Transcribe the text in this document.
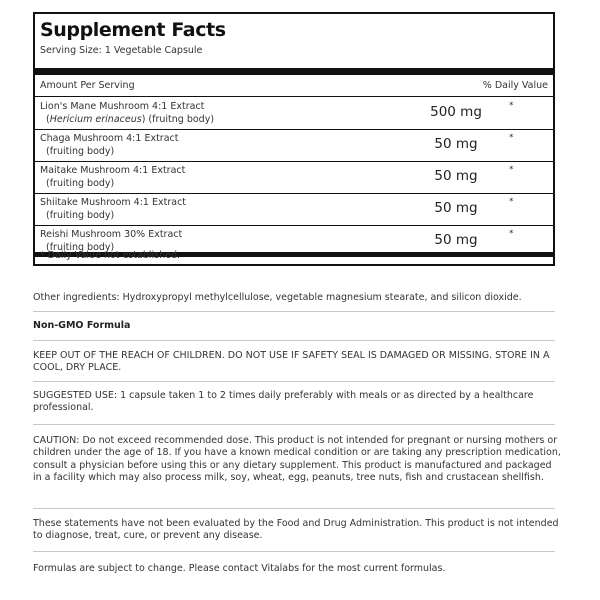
Supplement Facts
Serving Size: 1 Vegetable Capsule
Amount Per Serving	% Daily Value
Lion's Mane Mushroom 4:1 Extract
(Hericium erinaceus) (fruitng body)	500 mg	*
Chaga Mushroom 4:1 Extract
(fruiting body)	50 mg	*
Maitake Mushroom 4:1 Extract
(fruiting body)	50 mg	*
Shiitake Mushroom 4:1 Extract
(fruiting body)	50 mg	*
Reishi Mushroom 30% Extract
(fruiting body)	50 mg	*
* Daily Value not established.
Other ingredients: Hydroxypropyl methylcellulose, vegetable magnesium stearate, and silicon dioxide.
Non-GMO Formula
KEEP OUT OF THE REACH OF CHILDREN. DO NOT USE IF SAFETY SEAL IS DAMAGED OR MISSING. STORE IN A COOL, DRY PLACE.
SUGGESTED USE: 1 capsule taken 1 to 2 times daily preferably with meals or as directed by a healthcare professional.
CAUTION: Do not exceed recommended dose. This product is not intended for pregnant or nursing mothers or children under the age of 18. If you have a known medical condition or are taking any prescription medication, consult a physician before using this or any dietary supplement. This product is manufactured and packaged in a facility which may also process milk, soy, wheat, egg, peanuts, tree nuts, fish and crustacean shellfish.
These statements have not been evaluated by the Food and Drug Administration. This product is not intended to diagnose, treat, cure, or prevent any disease.
Formulas are subject to change. Please contact Vitalabs for the most current formulas.
